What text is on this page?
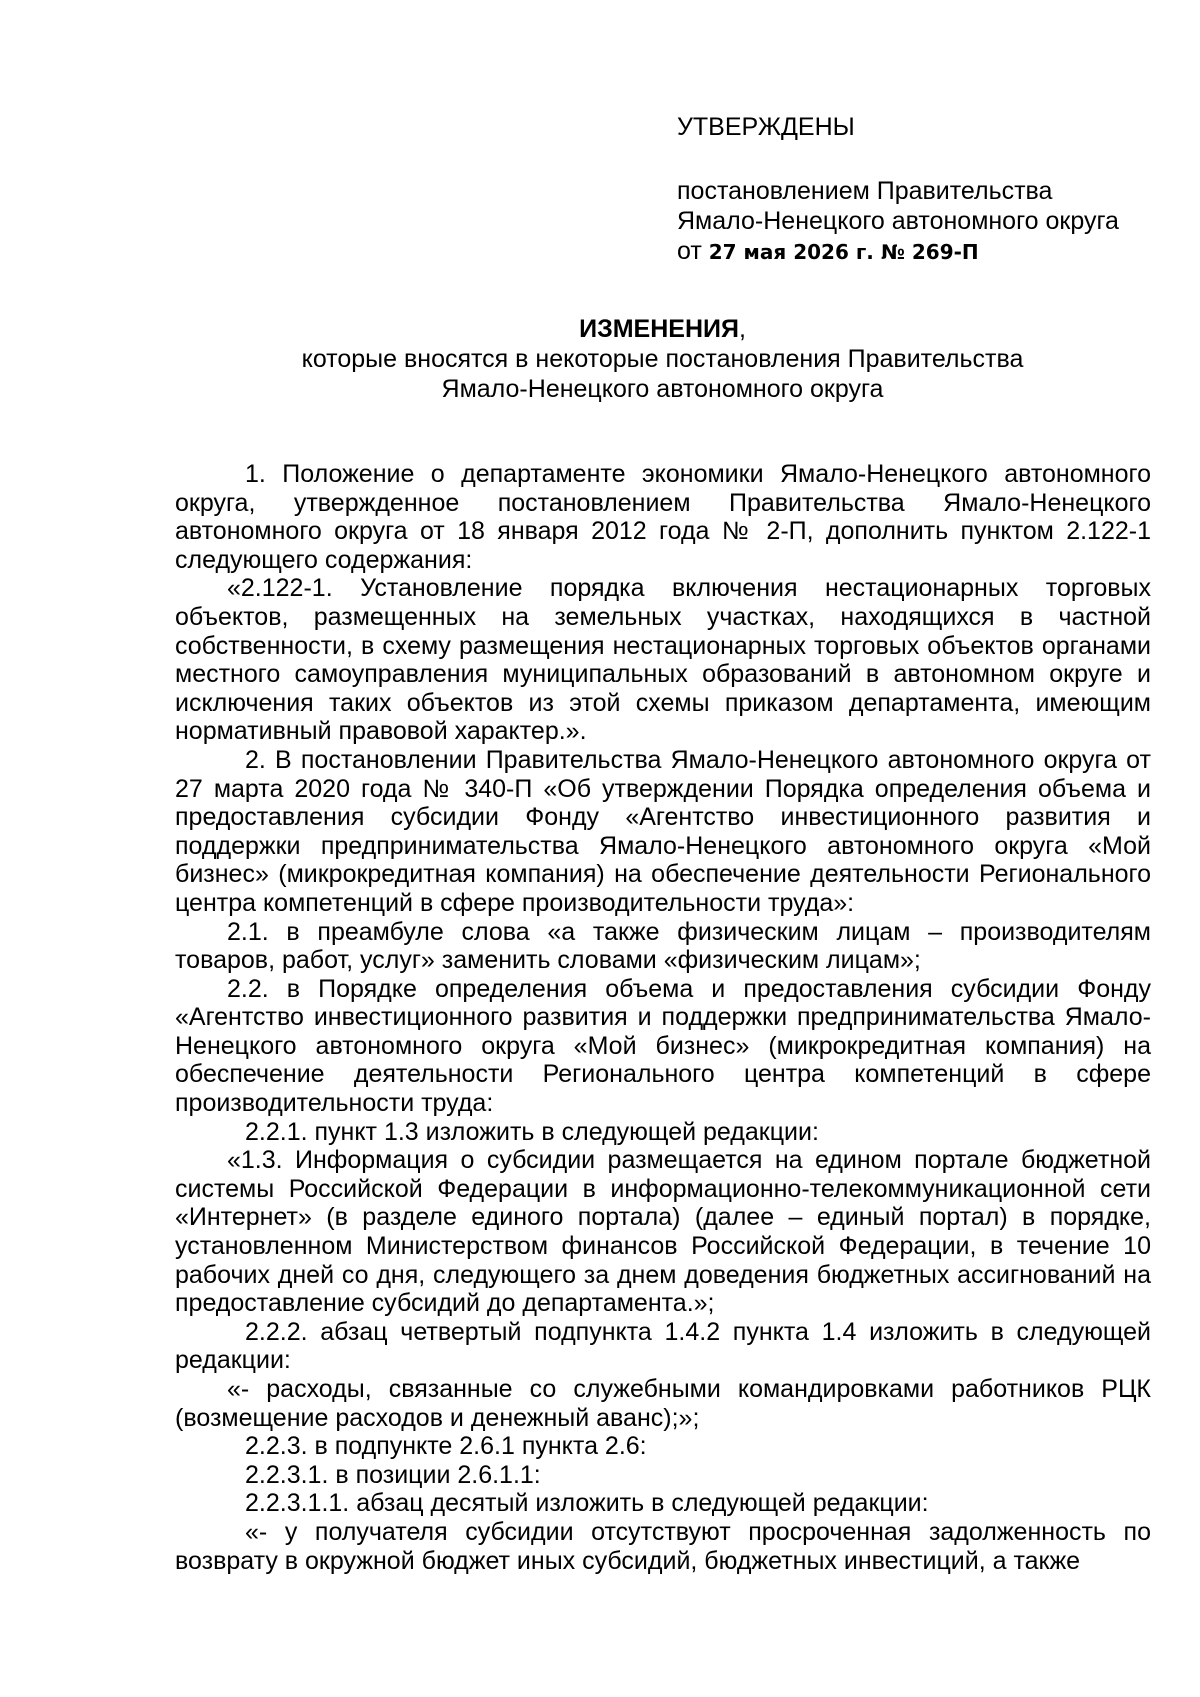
УТВЕРЖДЕНЫ
постановлением Правительства
Ямало-Ненецкого автономного округа
от 27 мая 2026 г. № 269-П
ИЗМЕНЕНИЯ,
которые вносятся в некоторые постановления Правительства
Ямало-Ненецкого автономного округа

1. Положение о департаменте экономики Ямало-Ненецкого автономного округа, утвержденное постановлением Правительства Ямало-Ненецкого автономного округа от 18 января 2012 года № 2-П, дополнить пунктом 2.122-1 следующего содержания:

«2.122-1. Установление порядка включения нестационарных торговых объектов, размещенных на земельных участках, находящихся в частной собственности, в схему размещения нестационарных торговых объектов органами местного самоуправления муниципальных образований в автономном округе и исключения таких объектов из этой схемы приказом департамента, имеющим нормативный правовой характер.».

2. В постановлении Правительства Ямало-Ненецкого автономного округа от 27 марта 2020 года № 340-П «Об утверждении Порядка определения объема и предоставления субсидии Фонду «Агентство инвестиционного развития и поддержки предпринимательства Ямало-Ненецкого автономного округа «Мой бизнес» (микрокредитная компания) на обеспечение деятельности Регионального центра компетенций в сфере производительности труда»:

2.1. в преамбуле слова «а также физическим лицам – производителям товаров, работ, услуг» заменить словами «физическим лицам»;

2.2. в Порядке определения объема и предоставления субсидии Фонду «Агентство инвестиционного развития и поддержки предпринимательства Ямало-Ненецкого автономного округа «Мой бизнес» (микрокредитная компания) на обеспечение деятельности Регионального центра компетенций в сфере производительности труда:

2.2.1. пункт 1.3 изложить в следующей редакции:

«1.3. Информация о субсидии размещается на едином портале бюджетной системы Российской Федерации в информационно-телекоммуникационной сети «Интернет» (в разделе единого портала) (далее – единый портал) в порядке, установленном Министерством финансов Российской Федерации, в течение 10 рабочих дней со дня, следующего за днем доведения бюджетных ассигнований на предоставление субсидий до департамента.»;

2.2.2. абзац четвертый подпункта 1.4.2 пункта 1.4 изложить в следующей редакции:

«- расходы, связанные со служебными командировками работников РЦК (возмещение расходов и денежный аванс);»;

2.2.3. в подпункте 2.6.1 пункта 2.6:

2.2.3.1. в позиции 2.6.1.1:

2.2.3.1.1. абзац десятый изложить в следующей редакции:

«- у получателя субсидии отсутствуют просроченная задолженность по возврату в окружной бюджет иных субсидий, бюджетных инвестиций, а также
